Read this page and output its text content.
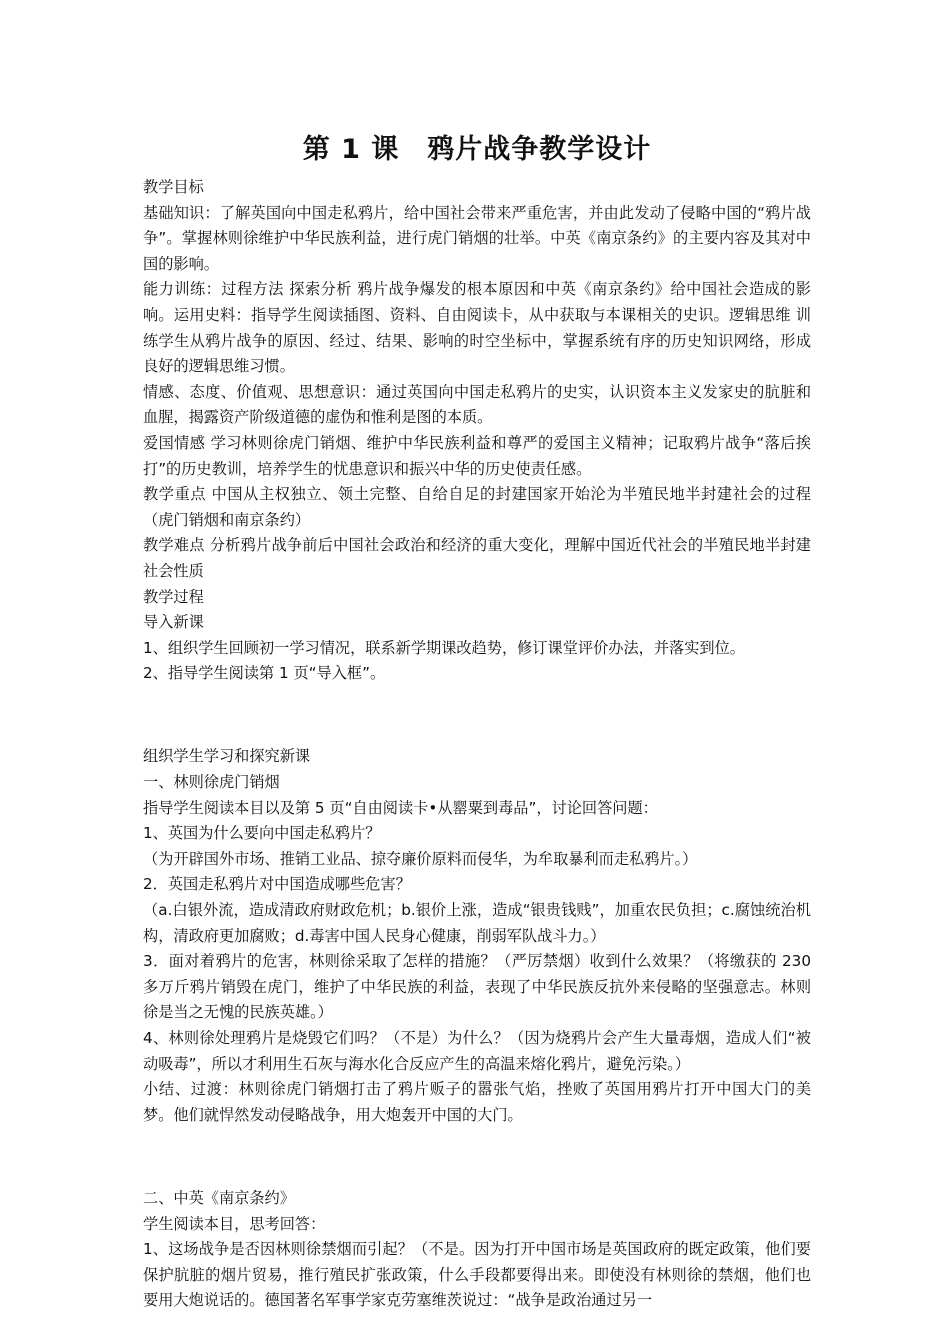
第 1 课　鸦片战争教学设计

教学目标

基础知识：了解英国向中国走私鸦片，给中国社会带来严重危害，并由此发动了侵略中国的“鸦片战争”。掌握林则徐维护中华民族利益，进行虎门销烟的壮举。中英《南京条约》的主要内容及其对中国的影响。

能力训练：过程方法 探索分析 鸦片战争爆发的根本原因和中英《南京条约》给中国社会造成的影响。运用史料：指导学生阅读插图、资料、自由阅读卡，从中获取与本课相关的史识。逻辑思维 训练学生从鸦片战争的原因、经过、结果、影响的时空坐标中，掌握系统有序的历史知识网络，形成良好的逻辑思维习惯。

情感、态度、价值观、思想意识：通过英国向中国走私鸦片的史实，认识资本主义发家史的肮脏和血腥，揭露资产阶级道德的虚伪和惟利是图的本质。

爱国情感 学习林则徐虎门销烟、维护中华民族利益和尊严的爱国主义精神；记取鸦片战争“落后挨打”的历史教训，培养学生的忧患意识和振兴中华的历史使责任感。

教学重点 中国从主权独立、领土完整、自给自足的封建国家开始沦为半殖民地半封建社会的过程（虎门销烟和南京条约）

教学难点 分析鸦片战争前后中国社会政治和经济的重大变化，理解中国近代社会的半殖民地半封建社会性质

教学过程

导入新课

1、组织学生回顾初一学习情况，联系新学期课改趋势，修订课堂评价办法，并落实到位。

2、指导学生阅读第 1 页“导入框”。

组织学生学习和探究新课

一、林则徐虎门销烟

指导学生阅读本目以及第 5 页“自由阅读卡•从罂粟到毒品”，讨论回答问题：

1、英国为什么要向中国走私鸦片？

（为开辟国外市场、推销工业品、掠夺廉价原料而侵华，为牟取暴利而走私鸦片。）

2．英国走私鸦片对中国造成哪些危害？

（a.白银外流，造成清政府财政危机；b.银价上涨，造成“银贵钱贱”，加重农民负担；c.腐蚀统治机构，清政府更加腐败；d.毒害中国人民身心健康，削弱军队战斗力。）

3．面对着鸦片的危害，林则徐采取了怎样的措施？（严厉禁烟）收到什么效果？（将缴获的 230 多万斤鸦片销毁在虎门，维护了中华民族的利益，表现了中华民族反抗外来侵略的坚强意志。林则徐是当之无愧的民族英雄。）

4、林则徐处理鸦片是烧毁它们吗？（不是）为什么？（因为烧鸦片会产生大量毒烟，造成人们“被动吸毒”，所以才利用生石灰与海水化合反应产生的高温来熔化鸦片，避免污染。）

小结、过渡：林则徐虎门销烟打击了鸦片贩子的嚣张气焰，挫败了英国用鸦片打开中国大门的美梦。他们就悍然发动侵略战争，用大炮轰开中国的大门。

二、中英《南京条约》

学生阅读本目，思考回答：

1、这场战争是否因林则徐禁烟而引起？（不是。因为打开中国市场是英国政府的既定政策，他们要保护肮脏的烟片贸易，推行殖民扩张政策，什么手段都要得出来。即使没有林则徐的禁烟，他们也要用大炮说话的。德国著名军事学家克劳塞维茨说过：“战争是政治通过另一
